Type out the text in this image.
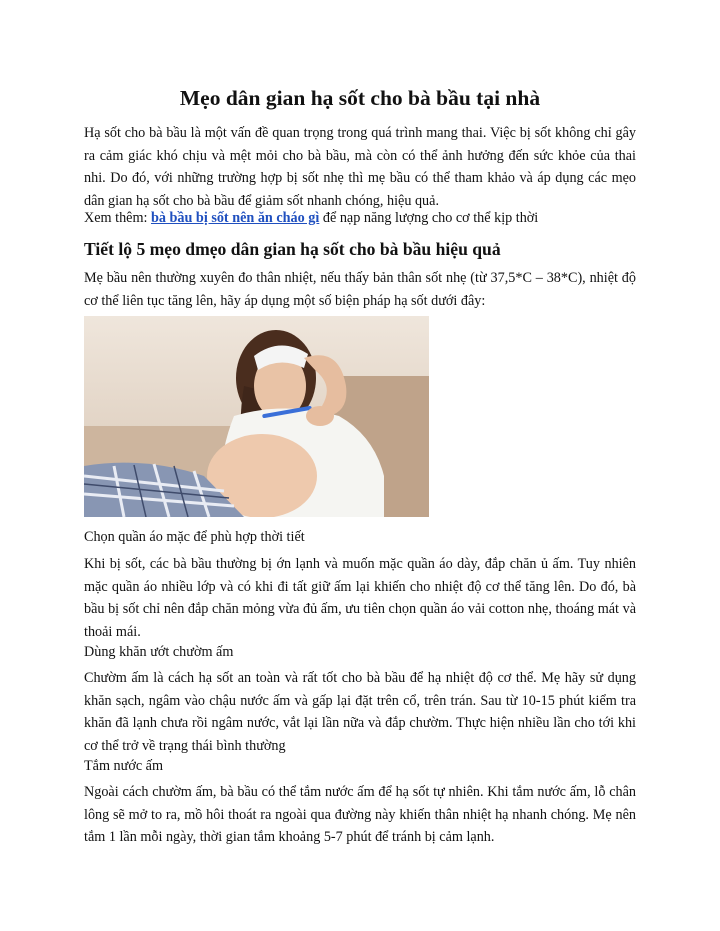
Mẹo dân gian hạ sốt cho bà bầu tại nhà

Hạ sốt cho bà bầu là một vấn đề quan trọng trong quá trình mang thai. Việc bị sốt không chỉ gây ra cảm giác khó chịu và mệt mỏi cho bà bầu, mà còn có thể ảnh hưởng đến sức khỏe của thai nhi. Do đó, với những trường hợp bị sốt nhẹ thì mẹ bầu có thể tham khảo và áp dụng các mẹo dân gian hạ sốt cho bà bầu để giảm sốt nhanh chóng, hiệu quả.

Xem thêm: bà bầu bị sốt nên ăn cháo gì để nạp năng lượng cho cơ thể kịp thời

Tiết lộ 5 mẹo dmẹo dân gian hạ sốt cho bà bầu hiệu quả

Mẹ bầu nên thường xuyên đo thân nhiệt, nếu thấy bản thân sốt nhẹ (từ 37,5*C – 38*C), nhiệt độ cơ thể liên tục tăng lên, hãy áp dụng một số biện pháp hạ sốt dưới đây:

Chọn quần áo mặc để phù hợp thời tiết

Khi bị sốt, các bà bầu thường bị ớn lạnh và muốn mặc quần áo dày, đắp chăn ủ ấm. Tuy nhiên mặc quần áo nhiều lớp và có khi đi tất giữ ấm lại khiến cho nhiệt độ cơ thể tăng lên. Do đó, bà bầu bị sốt chỉ nên đắp chăn mỏng vừa đủ ấm, ưu tiên chọn quần áo vải cotton nhẹ, thoáng mát và thoải mái.

Dùng khăn ướt chườm ấm

Chườm ấm là cách hạ sốt an toàn và rất tốt cho bà bầu để hạ nhiệt độ cơ thể. Mẹ hãy sử dụng khăn sạch, ngâm vào chậu nước ấm và gấp lại đặt trên cổ, trên trán. Sau từ 10-15 phút kiểm tra khăn đã lạnh chưa rồi ngâm nước, vắt lại lần nữa và đắp chườm. Thực hiện nhiều lần cho tới khi cơ thể trở về trạng thái bình thường

Tắm nước ấm

Ngoài cách chườm ấm, bà bầu có thể tắm nước ấm để hạ sốt tự nhiên. Khi tắm nước ấm, lỗ chân lông sẽ mở to ra, mồ hôi thoát ra ngoài qua đường này khiến thân nhiệt hạ nhanh chóng. Mẹ nên tắm 1 lần mỗi ngày, thời gian tắm khoảng 5-7 phút để tránh bị cảm lạnh.
